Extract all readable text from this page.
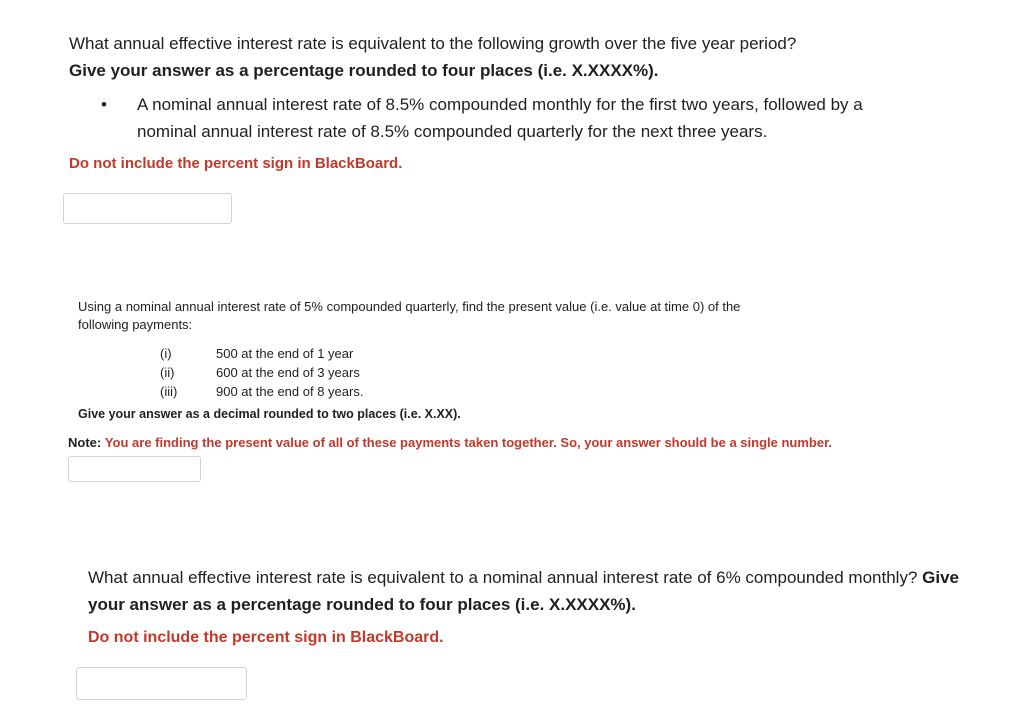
What annual effective interest rate is equivalent to the following growth over the five year period?

Give your answer as a percentage rounded to four places (i.e. X.XXXX%).

•	A nominal annual interest rate of 8.5% compounded monthly for the first two years, followed by a nominal annual interest rate of 8.5% compounded quarterly for the next three years.
Do not include the percent sign in BlackBoard.

Using a nominal annual interest rate of 5% compounded quarterly, find the present value (i.e. value at time 0) of the following payments:

(i)	500 at the end of 1 year
(ii)	600 at the end of 3 years
(iii)	900 at the end of 8 years.
Give your answer as a decimal rounded to two places (i.e. X.XX).
Note: You are finding the present value of all of these payments taken together. So, your answer should be a single number.

What annual effective interest rate is equivalent to a nominal annual interest rate of 6% compounded monthly? Give your answer as a percentage rounded to four places (i.e. X.XXXX%).

Do not include the percent sign in BlackBoard.
